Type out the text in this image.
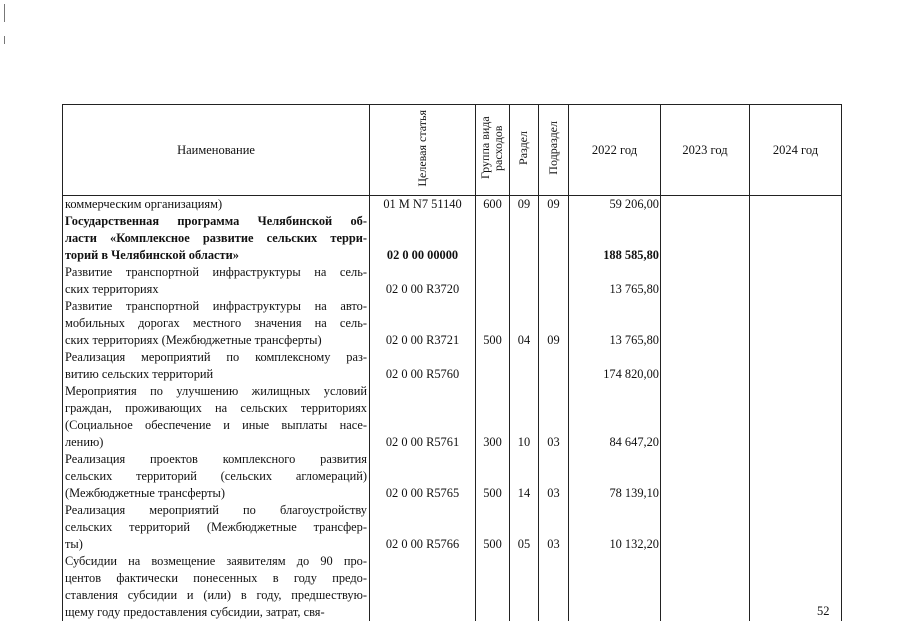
Наименование	Целевая статья	Группа вида расходов	Раздел	Подраздел	2022 год	2023 год	2024 год

коммерческим организациям)	01 М N7 51140	600	09	09	59 206,00		

Государственная программа Челябинской об-
ласти «Комплексное развитие сельских терри-
торий в Челябинской области»	02 0 00 00000				188 585,80		

Развитие транспортной инфраструктуры на сель-
ских территориях	02 0 00 R3720				13 765,80		

Развитие транспортной инфраструктуры на авто-
мобильных дорогах местного значения на сель-
ских территориях (Межбюджетные трансферты)	02 0 00 R3721	500	04	09	13 765,80		

Реализация мероприятий по комплексному раз-
витию сельских территорий	02 0 00 R5760				174 820,00		

Мероприятия по улучшению жилищных условий
граждан, проживающих на сельских территориях
(Социальное обеспечение и иные выплаты насе-
лению)	02 0 00 R5761	300	10	03	84 647,20		

Реализация проектов комплексного развития
сельских территорий (сельских агломераций)
(Межбюджетные трансферты)	02 0 00 R5765	500	14	03	78 139,10		

Реализация мероприятий по благоустройству
сельских территорий (Межбюджетные трансфер-
ты)	02 0 00 R5766	500	05	03	10 132,20		

Субсидии на возмещение заявителям до 90 про-
центов фактически понесенных в году предо-
ставления субсидии и (или) в году, предшествую-
щему году предоставления субсидии, затрат, свя-							
								52
